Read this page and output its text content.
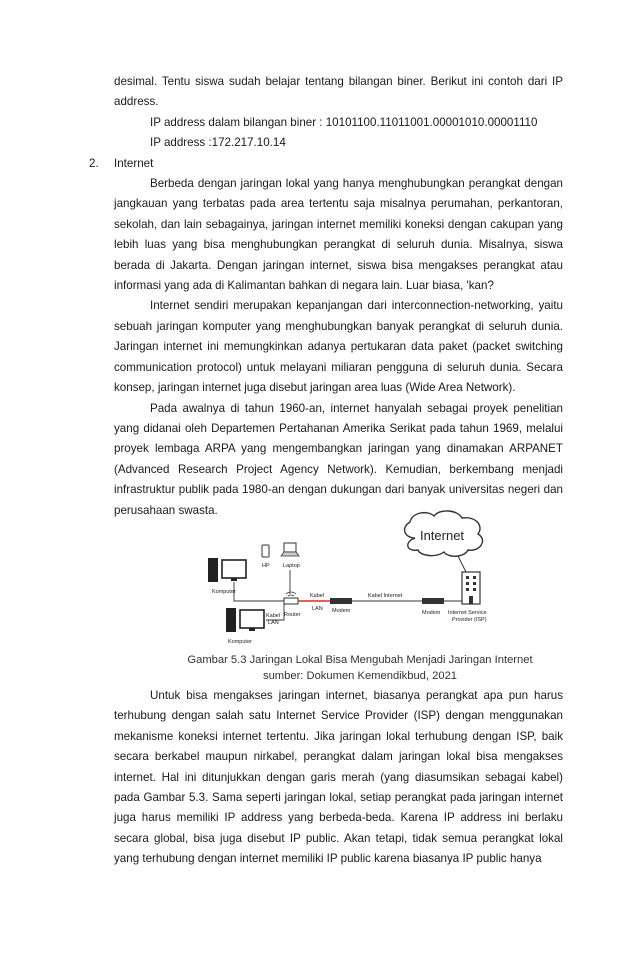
desimal. Tentu siswa sudah belajar tentang bilangan biner. Berikut ini contoh dari IP address.

IP address dalam bilangan biner : 10101100.11011001.00001010.00001110

IP address :172.217.10.14

2. Internet

Berbeda dengan jaringan lokal yang hanya menghubungkan perangkat dengan jangkauan yang terbatas pada area tertentu saja misalnya perumahan, perkantoran, sekolah, dan lain sebagainya, jaringan internet memiliki koneksi dengan cakupan yang lebih luas yang bisa menghubungkan perangkat di seluruh dunia. Misalnya, siswa berada di Jakarta. Dengan jaringan internet, siswa bisa mengakses perangkat atau informasi yang ada di Kalimantan bahkan di negara lain. Luar biasa, 'kan?

Internet sendiri merupakan kepanjangan dari interconnection-networking, yaitu sebuah jaringan komputer yang menghubungkan banyak perangkat di seluruh dunia. Jaringan internet ini memungkinkan adanya pertukaran data paket (packet switching communication protocol) untuk melayani miliaran pengguna di seluruh dunia. Secara konsep, jaringan internet juga disebut jaringan area luas (Wide Area Network).

Pada awalnya di tahun 1960-an, internet hanyalah sebagai proyek penelitian yang didanai oleh Departemen Pertahanan Amerika Serikat pada tahun 1969, melalui proyek lembaga ARPA yang mengembangkan jaringan yang dinamakan ARPANET (Advanced Research Project Agency Network). Kemudian, berkembang menjadi infrastruktur publik pada 1980-an dengan dukungan dari banyak universitas negeri dan perusahaan swasta.

Internet
Internet Service
Provider (ISP)
HP Laptop
Komputer
Komputer
Router
Kabel
LAN
Kabel
LAN Modem
Kabel Internet
Modem
Gambar 5.3 Jaringan Lokal Bisa Mengubah Menjadi Jaringan Internet
sumber: Dokumen Kemendikbud, 2021

Untuk bisa mengakses jaringan internet, biasanya perangkat apa pun harus terhubung dengan salah satu Internet Service Provider (ISP) dengan menggunakan mekanisme koneksi internet tertentu. Jika jaringan lokal terhubung dengan ISP, baik secara berkabel maupun nirkabel, perangkat dalam jaringan lokal bisa mengakses internet. Hal ini ditunjukkan dengan garis merah (yang diasumsikan sebagai kabel) pada Gambar 5.3. Sama seperti jaringan lokal, setiap perangkat pada jaringan internet juga harus memiliki IP address yang berbeda-beda. Karena IP address ini berlaku secara global, bisa juga disebut IP public. Akan tetapi, tidak semua perangkat lokal yang terhubung dengan internet memiliki IP public karena biasanya IP public hanya
